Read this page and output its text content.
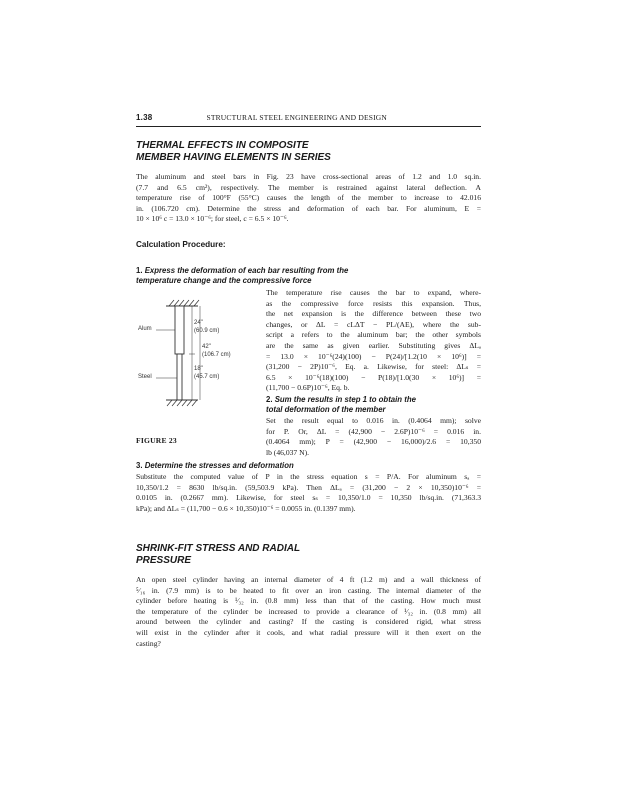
1.38	STRUCTURAL STEEL ENGINEERING AND DESIGN
THERMAL EFFECTS IN COMPOSITE
MEMBER HAVING ELEMENTS IN SERIES
The aluminum and steel bars in Fig. 23 have cross-sectional areas of 1.2 and 1.0 sq.in.
(7.7 and 6.5 cm²), respectively. The member is restrained against lateral deflection. A
temperature rise of 100°F (55°C) causes the length of the member to increase to 42.016
in. (106.720 cm). Determine the stress and deformation of each bar. For aluminum, E =
10 × 10⁶ c = 13.0 × 10⁻⁶; for steel, c = 6.5 × 10⁻⁶.
Calculation Procedure:
1. Express the deformation of each bar resulting from the
temperature change and the compressive force
Alum
Steel
24"
(60.9 cm)
42"
(106.7 cm)
18"
(45.7 cm)
The temperature rise causes the bar to expand, where-
as the compressive force resists this expansion. Thus,
the net expansion is the difference between these two
changes, or ΔL = cLΔT − PL/(AE), where the sub-
script a refers to the aluminum bar; the other symbols
are the same as given earlier. Substituting gives ΔLₐ
= 13.0 × 10⁻⁶(24)(100) − P(24)/[1.2(10 × 10⁶)] =
(31,200 − 2P)10⁻⁶, Eq. a. Likewise, for steel: ΔLₛ =
6.5 × 10⁻⁶(18)(100) − P(18)/[1.0(30 × 10⁶)] =
(11,700 − 0.6P)10⁻⁶, Eq. b.
2. Sum the results in step 1 to obtain the
total deformation of the member
FIGURE 23
Set the result equal to 0.016 in. (0.4064 mm); solve
for P. Or, ΔL = (42,900 − 2.6P)10⁻⁶ = 0.016 in.
(0.4064 mm); P = (42,900 − 16,000)/2.6 = 10,350
lb (46,037 N).
3. Determine the stresses and deformation
Substitute the computed value of P in the stress equation s = P/A. For aluminum sₐ =
10,350/1.2 = 8630 lb/sq.in. (59,503.9 kPa). Then ΔLₐ = (31,200 − 2 × 10,350)10⁻⁶ =
0.0105 in. (0.2667 mm). Likewise, for steel sₛ = 10,350/1.0 = 10,350 lb/sq.in. (71,363.3
kPa); and ΔLₛ = (11,700 − 0.6 × 10,350)10⁻⁶ = 0.0055 in. (0.1397 mm).
SHRINK-FIT STRESS AND RADIAL
PRESSURE
An open steel cylinder having an internal diameter of 4 ft (1.2 m) and a wall thickness of
⁵⁄₁₆ in. (7.9 mm) is to be heated to fit over an iron casting. The internal diameter of the
cylinder before heating is ¹⁄₃₂ in. (0.8 mm) less than that of the casting. How much must
the temperature of the cylinder be increased to provide a clearance of ¹⁄₃₂ in. (0.8 mm) all
around between the cylinder and casting? If the casting is considered rigid, what stress
will exist in the cylinder after it cools, and what radial pressure will it then exert on the
casting?
